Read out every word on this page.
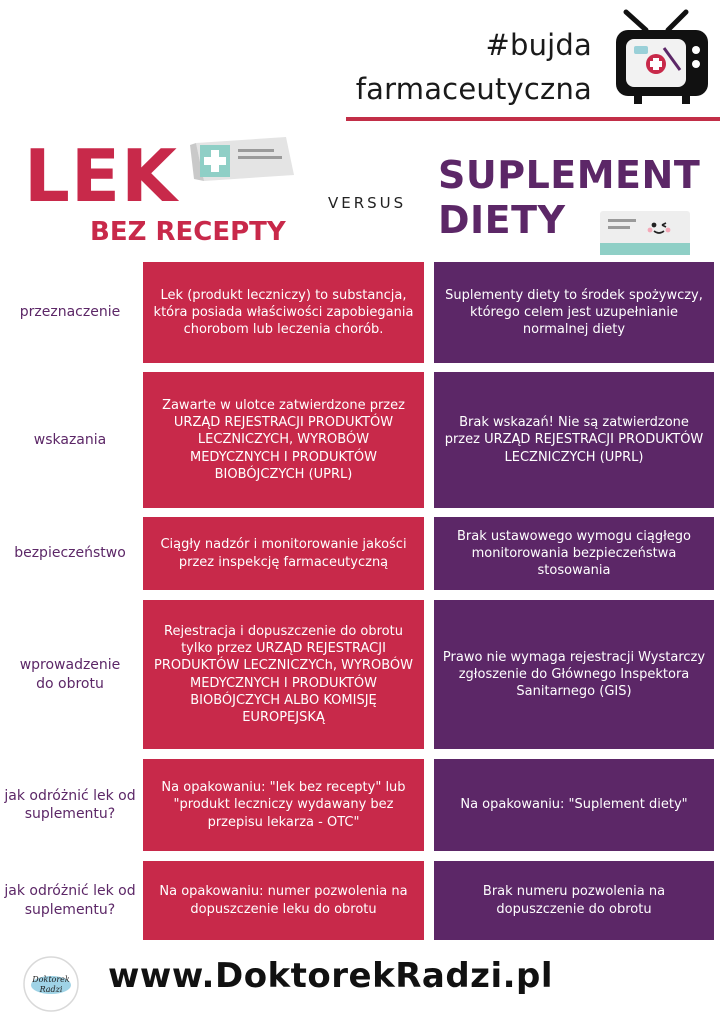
#bujda
farmaceutyczna
LEK
BEZ RECEPTY
VERSUS
SUPLEMENT
DIETY
przeznaczenie
Lek (produkt leczniczy) to substancja, która posiada właściwości zapobiegania chorobom lub leczenia chorób.
Suplementy diety to środek spożywczy, którego celem jest uzupełnianie normalnej diety
wskazania
Zawarte w ulotce zatwierdzone przez URZĄD REJESTRACJI PRODUKTÓW LECZNICZYCH, WYROBÓW MEDYCZNYCH I PRODUKTÓW BIOBÓJCZYCH (UPRL)
Brak wskazań! Nie są zatwierdzone przez URZĄD REJESTRACJI PRODUKTÓW LECZNICZYCH (UPRL)
bezpieczeństwo
Ciągły nadzór i monitorowanie jakości przez inspekcję farmaceutyczną
Brak ustawowego wymogu ciągłego monitorowania bezpieczeństwa stosowania
wprowadzenie do obrotu
Rejestracja i dopuszczenie do obrotu tylko przez URZĄD REJESTRACJI PRODUKTÓW LECZNICZYCh, WYROBÓW MEDYCZNYCH I PRODUKTÓW BIOBÓJCZYCH ALBO KOMISJĘ EUROPEJSKĄ
Prawo nie wymaga rejestracji Wystarczy zgłoszenie do Głównego Inspektora Sanitarnego (GIS)
jak odróżnić lek od suplementu?
Na opakowaniu: "lek bez recepty" lub "produkt leczniczy wydawany bez przepisu lekarza - OTC"
Na opakowaniu: "Suplement diety"
jak odróżnić lek od suplementu?
Na opakowaniu: numer pozwolenia na dopuszczenie leku do obrotu
Brak numeru pozwolenia na dopuszczenie do obrotu
Doktorek
Radzi www.DoktorekRadzi.pl
